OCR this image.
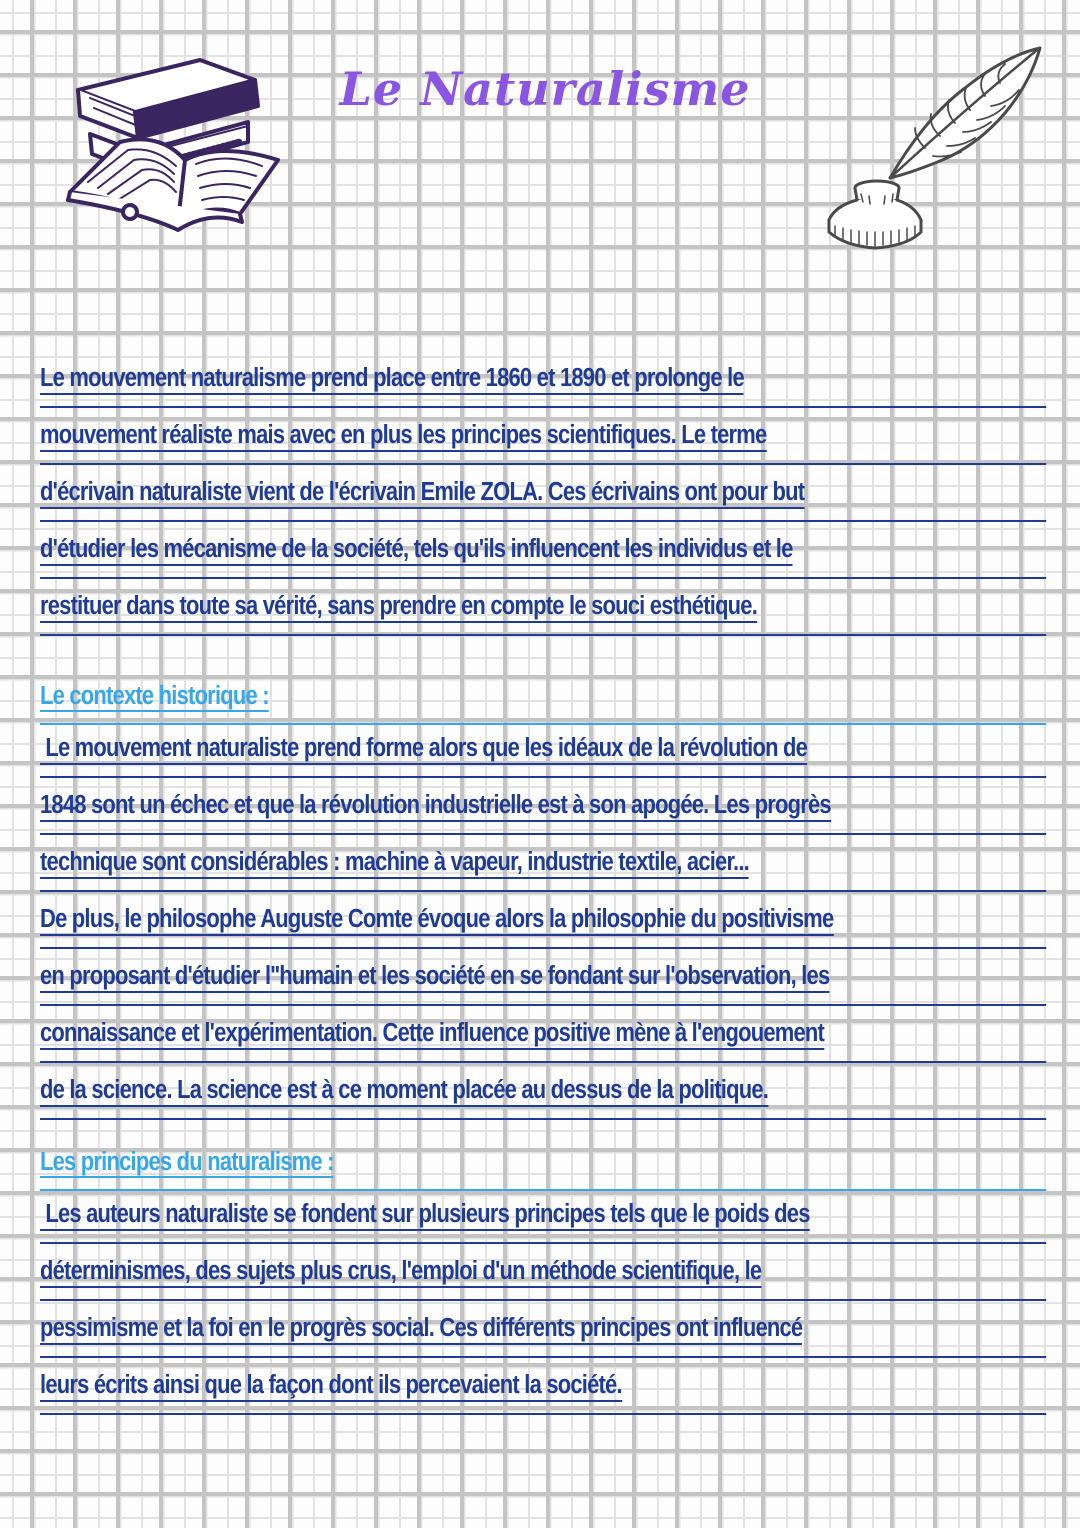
Le Naturalisme

Le mouvement naturalisme prend place entre 1860 et 1890 et prolonge le
mouvement réaliste mais avec en plus les principes scientifiques. Le terme
d'écrivain naturaliste vient de l'écrivain Emile ZOLA. Ces écrivains ont pour but
d'étudier les mécanisme de la société, tels qu'ils influencent les individus et le
restituer dans toute sa vérité, sans prendre en compte le souci esthétique.

Le contexte historique :

Le mouvement naturaliste prend forme alors que les idéaux de la révolution de
1848 sont un échec et que la révolution industrielle est à son apogée. Les progrès
technique sont considérables : machine à vapeur, industrie textile, acier...
De plus, le philosophe Auguste Comte évoque alors la philosophie du positivisme
en proposant d'étudier l''humain et les société en se fondant sur l'observation, les
connaissance et l'expérimentation. Cette influence positive mène à l'engouement
de la science. La science est à ce moment placée au dessus de la politique.

Les principes du naturalisme :

Les auteurs naturaliste se fondent sur plusieurs principes tels que le poids des
déterminismes, des sujets plus crus, l'emploi d'un méthode scientifique, le
pessimisme et la foi en le progrès social. Ces différents principes ont influencé
leurs écrits ainsi que la façon dont ils percevaient la société.
